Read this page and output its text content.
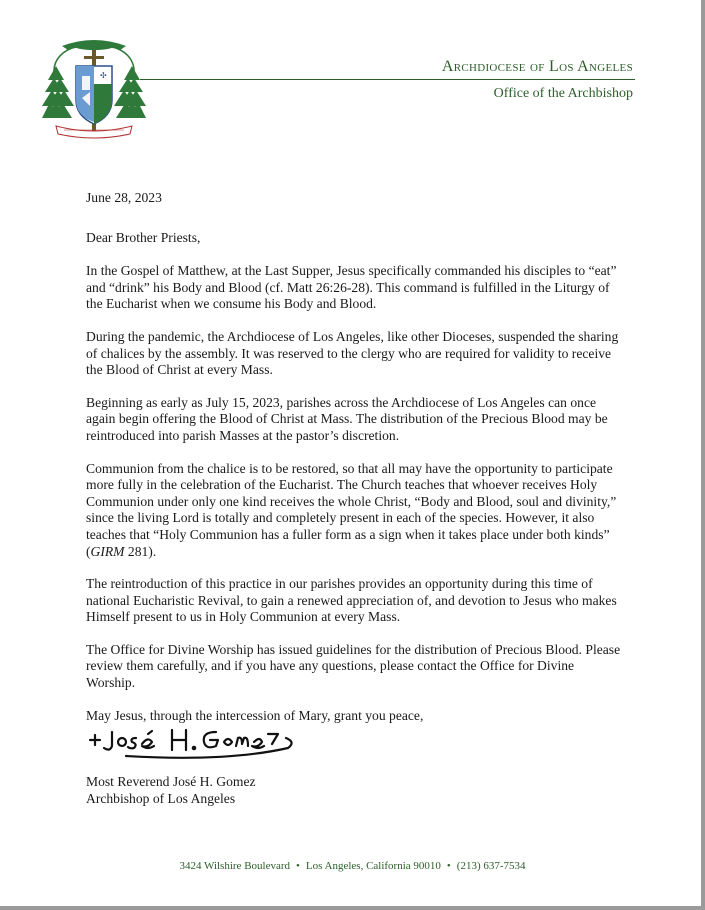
✣
Archdiocese of Los Angeles
Office of the Archbishop

June 28, 2023

Dear Brother Priests,

In the Gospel of Matthew, at the Last Supper, Jesus specifically commanded his disciples to “eat” and “drink” his Body and Blood (cf. Matt 26:26-28). This command is fulfilled in the Liturgy of the Eucharist when we consume his Body and Blood.

During the pandemic, the Archdiocese of Los Angeles, like other Dioceses, suspended the sharing of chalices by the assembly. It was reserved to the clergy who are required for validity to receive the Blood of Christ at every Mass.

Beginning as early as July 15, 2023, parishes across the Archdiocese of Los Angeles can once again begin offering the Blood of Christ at Mass. The distribution of the Precious Blood may be reintroduced into parish Masses at the pastor’s discretion.

Communion from the chalice is to be restored, so that all may have the opportunity to participate more fully in the celebration of the Eucharist. The Church teaches that whoever receives Holy Communion under only one kind receives the whole Christ, “Body and Blood, soul and divinity,” since the living Lord is totally and completely present in each of the species. However, it also teaches that “Holy Communion has a fuller form as a sign when it takes place under both kinds” (GIRM 281).

The reintroduction of this practice in our parishes provides an opportunity during this time of national Eucharistic Revival, to gain a renewed appreciation of, and devotion to Jesus who makes Himself present to us in Holy Communion at every Mass.

The Office for Divine Worship has issued guidelines for the distribution of Precious Blood. Please review them carefully, and if you have any questions, please contact the Office for Divine Worship.

May Jesus, through the intercession of Mary, grant you peace,

Most Reverend José H. Gomez
Archbishop of Los Angeles
3424 Wilshire Boulevard • Los Angeles, California 90010 • (213) 637-7534
